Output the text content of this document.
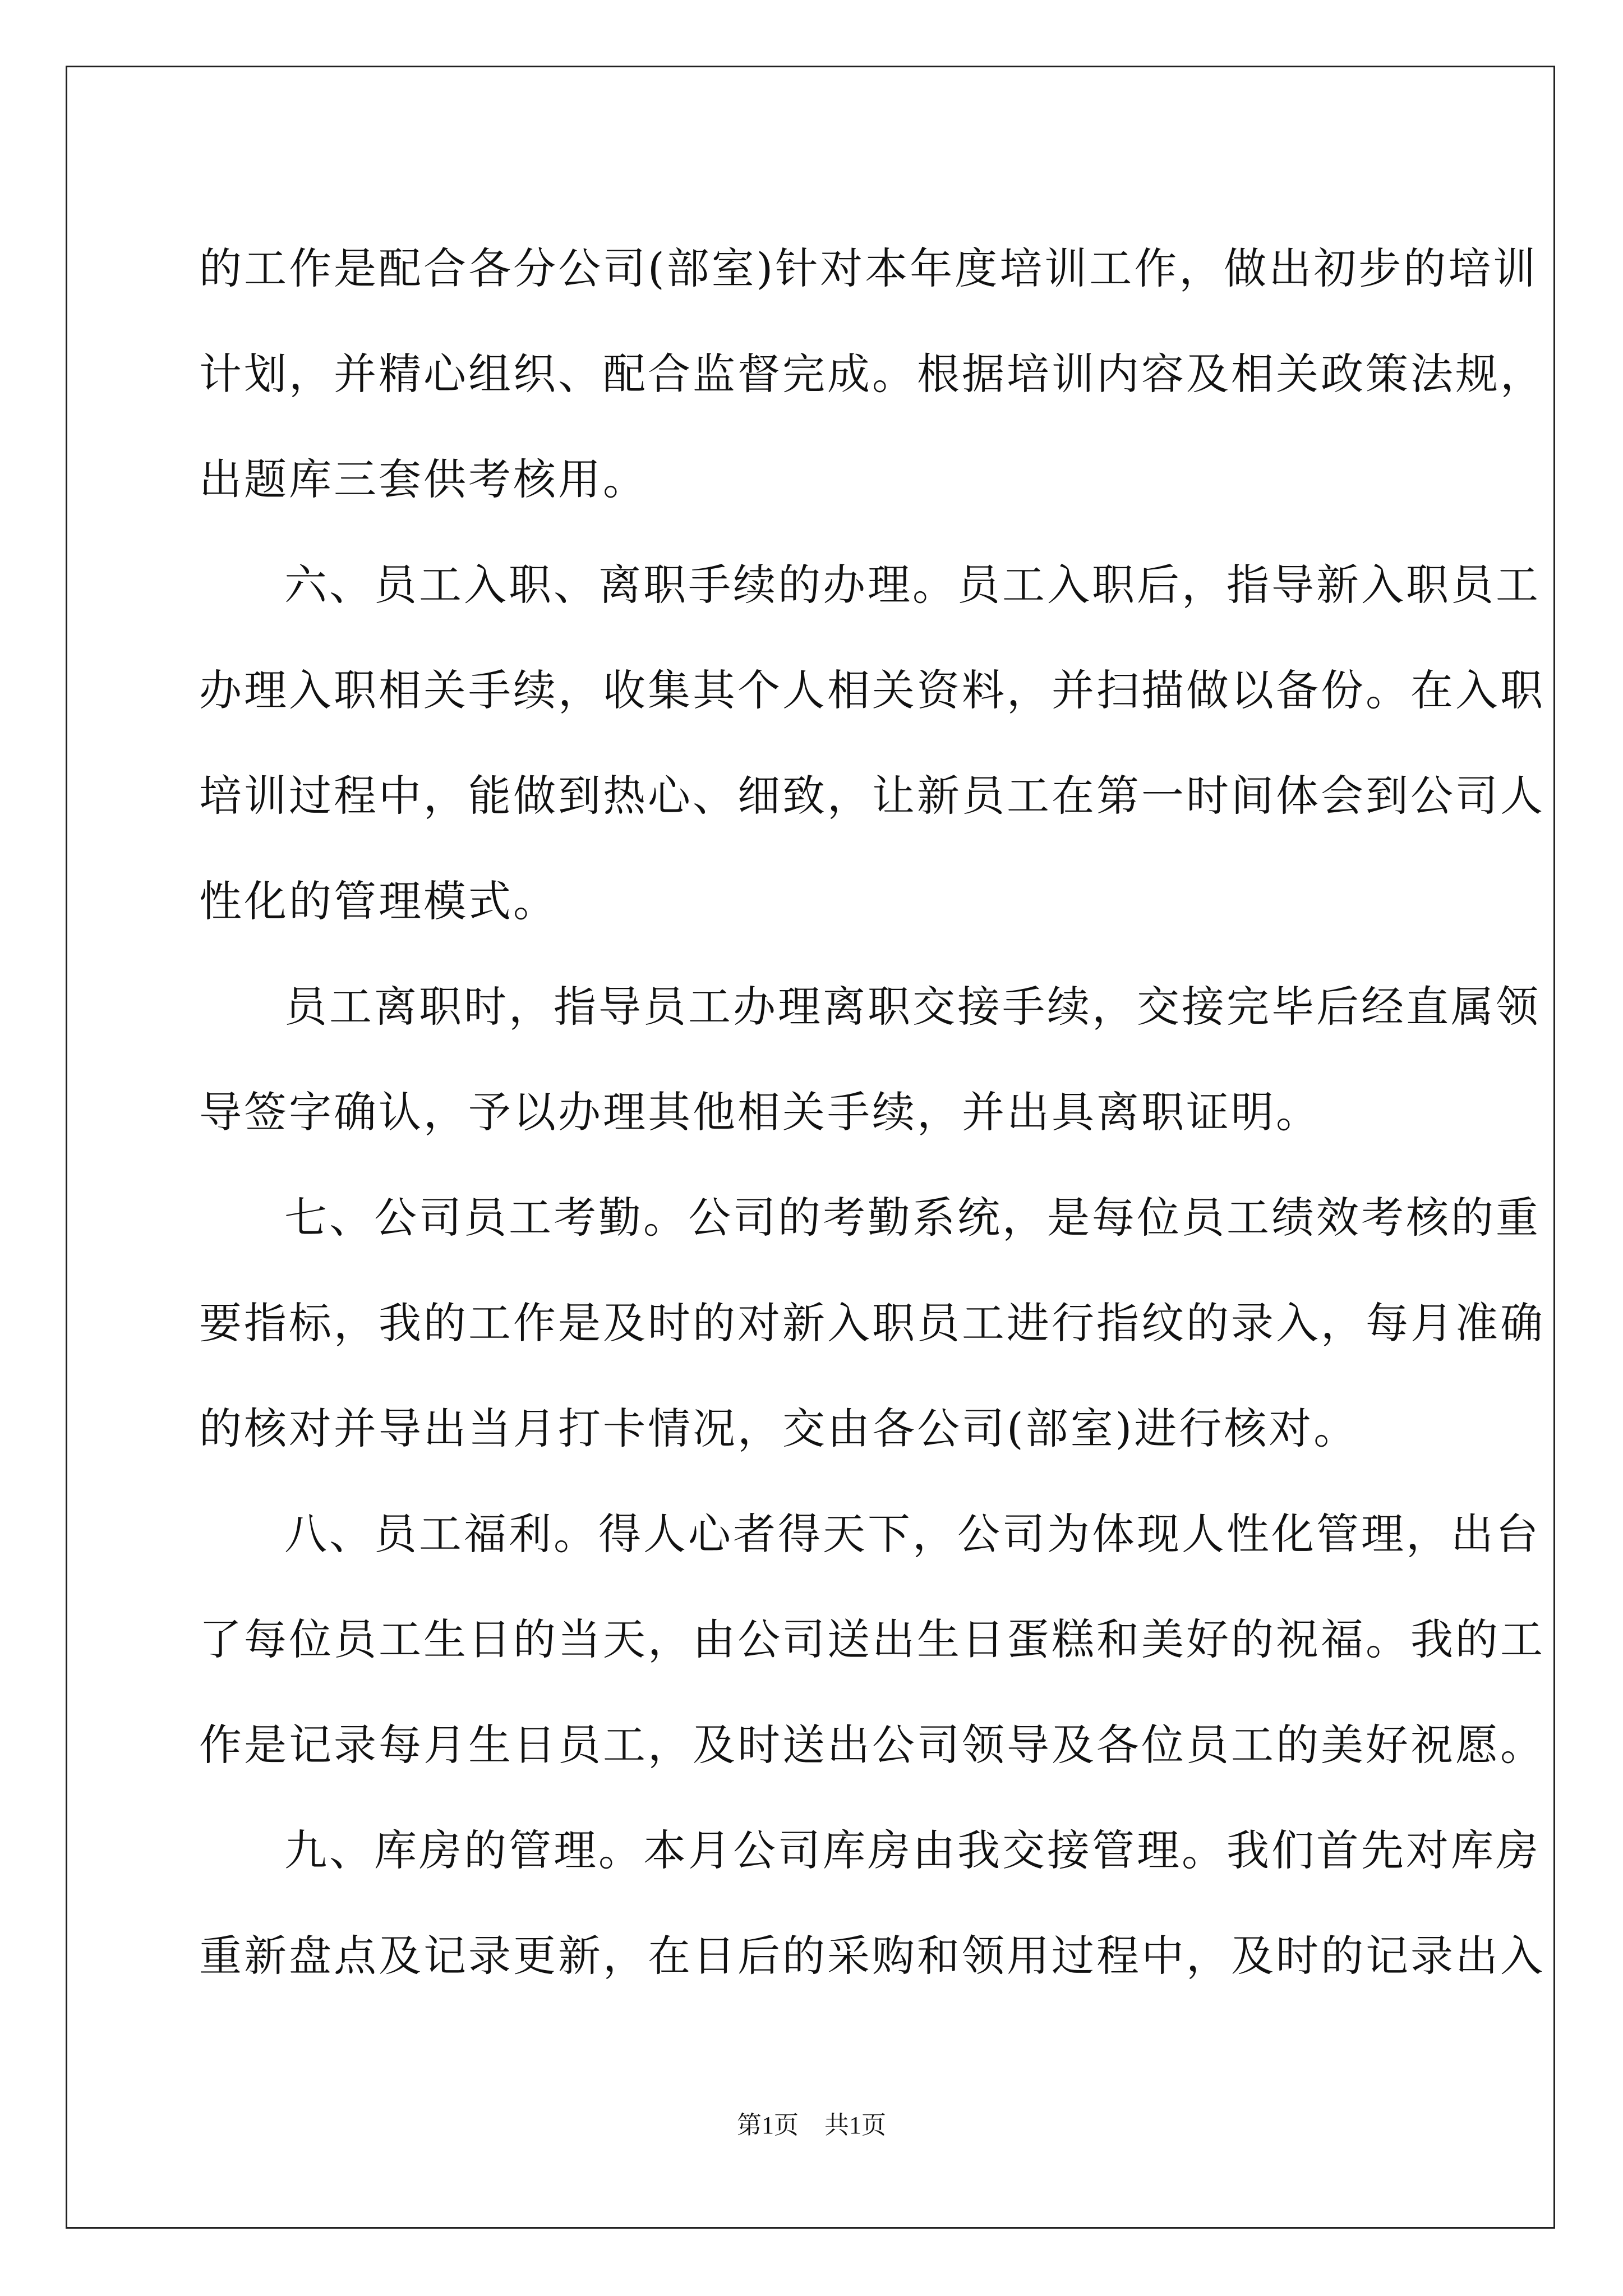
的工作是配合各分公司(部室)针对本年度培训工作，做出初步的培训
计划，并精心组织、配合监督完成。根据培训内容及相关政策法规，
出题库三套供考核用。
六、员工入职、离职手续的办理。员工入职后，指导新入职员工
办理入职相关手续，收集其个人相关资料，并扫描做以备份。在入职
培训过程中，能做到热心、细致，让新员工在第一时间体会到公司人
性化的管理模式。
员工离职时，指导员工办理离职交接手续，交接完毕后经直属领
导签字确认，予以办理其他相关手续，并出具离职证明。
七、公司员工考勤。公司的考勤系统，是每位员工绩效考核的重
要指标，我的工作是及时的对新入职员工进行指纹的录入，每月准确
的核对并导出当月打卡情况，交由各公司(部室)进行核对。
八、员工福利。得人心者得天下，公司为体现人性化管理，出台
了每位员工生日的当天，由公司送出生日蛋糕和美好的祝福。我的工
作是记录每月生日员工，及时送出公司领导及各位员工的美好祝愿。
九、库房的管理。本月公司库房由我交接管理。我们首先对库房
重新盘点及记录更新，在日后的采购和领用过程中，及时的记录出入
第1页 共1页
